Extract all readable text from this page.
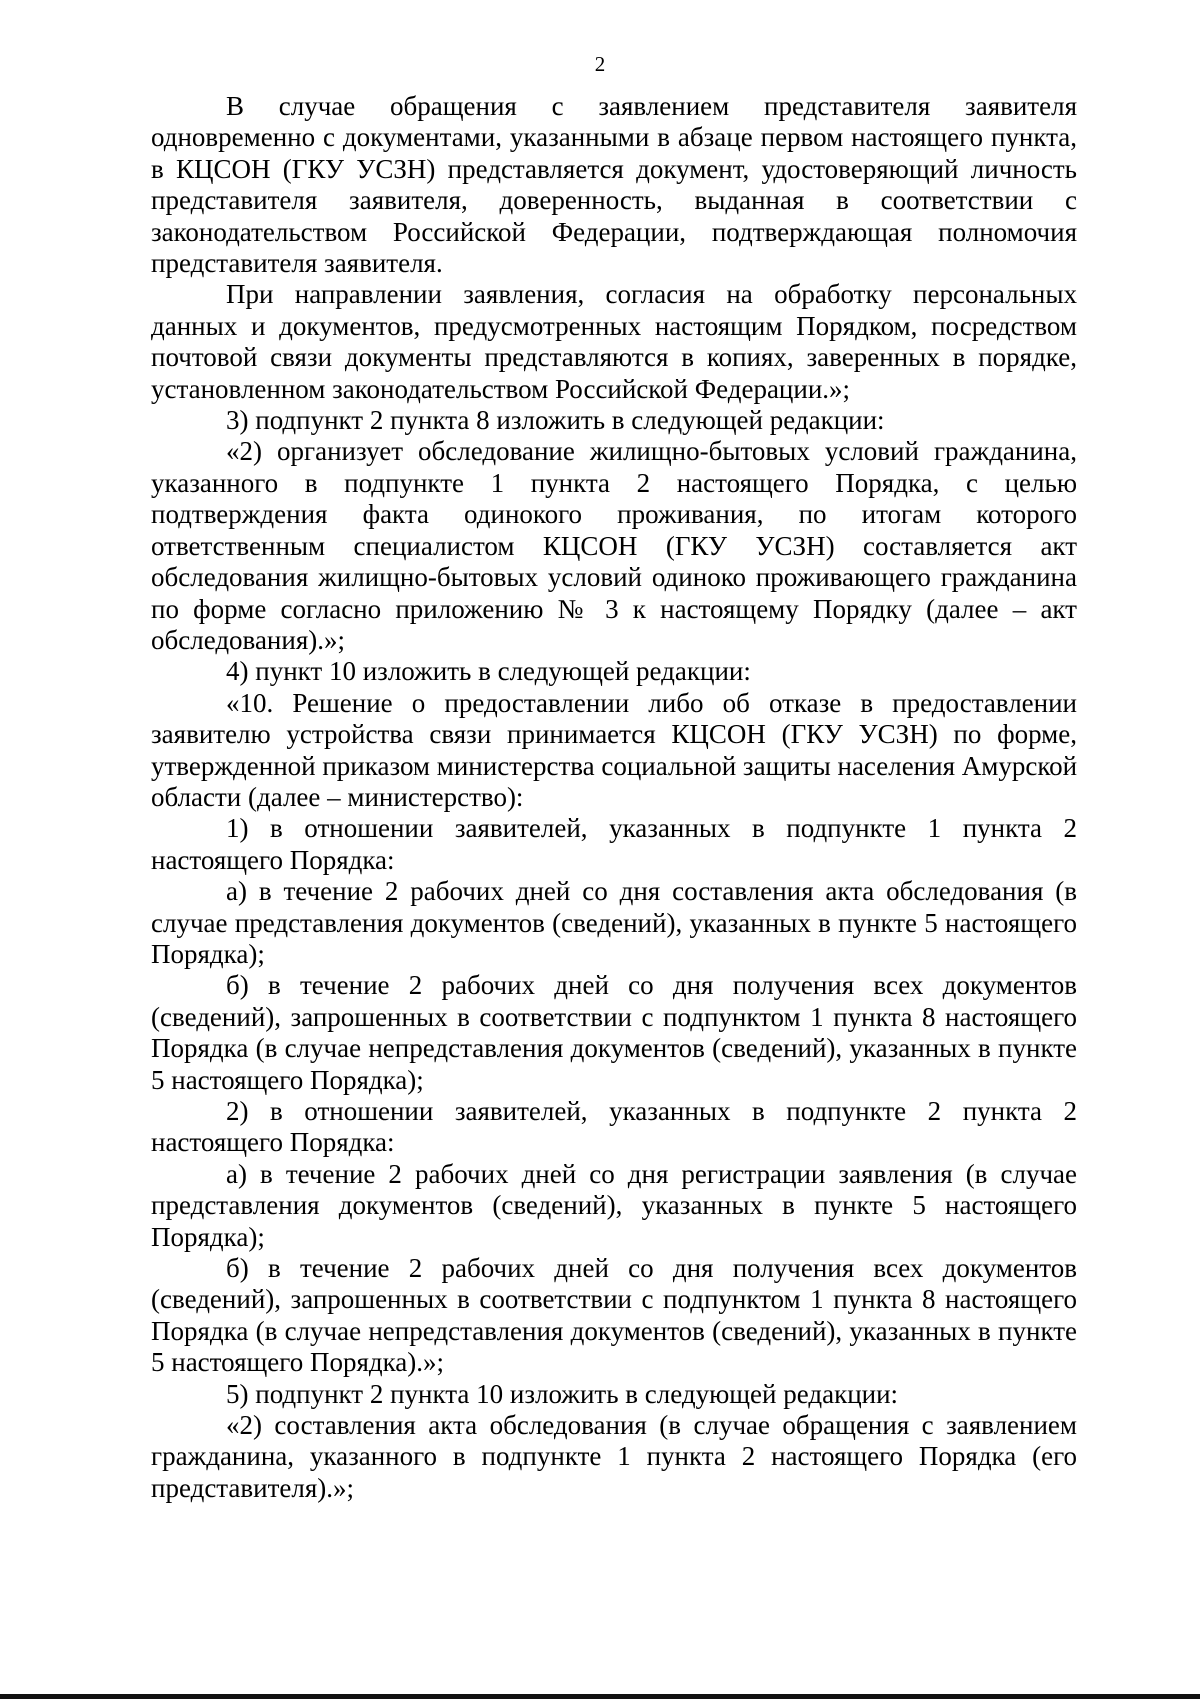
2

В случае обращения с заявлением представителя заявителя одновременно с документами, указанными в абзаце первом настоящего пункта, в КЦСОН (ГКУ УСЗН) представляется документ, удостоверяющий личность представителя заявителя, доверенность, выданная в соответствии с законодательством Российской Федерации, подтверждающая полномочия представителя заявителя.

При направлении заявления, согласия на обработку персональных данных и документов, предусмотренных настоящим Порядком, посредством почтовой связи документы представляются в копиях, заверенных в порядке, установленном законодательством Российской Федерации.»;

3) подпункт 2 пункта 8 изложить в следующей редакции:

«2) организует обследование жилищно-бытовых условий гражданина, указанного в подпункте 1 пункта 2 настоящего Порядка, с целью подтверждения факта одинокого проживания, по итогам которого ответственным специалистом КЦСОН (ГКУ УСЗН) составляется акт обследования жилищно-бытовых условий одиноко проживающего гражданина по форме согласно приложению № 3 к настоящему Порядку (далее – акт обследования).»;

4) пункт 10 изложить в следующей редакции:

«10. Решение о предоставлении либо об отказе в предоставлении заявителю устройства связи принимается КЦСОН (ГКУ УСЗН) по форме, утвержденной приказом министерства социальной защиты населения Амурской области (далее – министерство):

1) в отношении заявителей, указанных в подпункте 1 пункта 2 настоящего Порядка:

а) в течение 2 рабочих дней со дня составления акта обследования (в случае представления документов (сведений), указанных в пункте 5 настоящего Порядка);

б) в течение 2 рабочих дней со дня получения всех документов (сведений), запрошенных в соответствии с подпунктом 1 пункта 8 настоящего Порядка (в случае непредставления документов (сведений), указанных в пункте 5 настоящего Порядка);

2) в отношении заявителей, указанных в подпункте 2 пункта 2 настоящего Порядка:

а) в течение 2 рабочих дней со дня регистрации заявления (в случае представления документов (сведений), указанных в пункте 5 настоящего Порядка);

б) в течение 2 рабочих дней со дня получения всех документов (сведений), запрошенных в соответствии с подпунктом 1 пункта 8 настоящего Порядка (в случае непредставления документов (сведений), указанных в пункте 5 настоящего Порядка).»;

5) подпункт 2 пункта 10 изложить в следующей редакции:

«2) составления акта обследования (в случае обращения с заявлением гражданина, указанного в подпункте 1 пункта 2 настоящего Порядка (его представителя).»;
